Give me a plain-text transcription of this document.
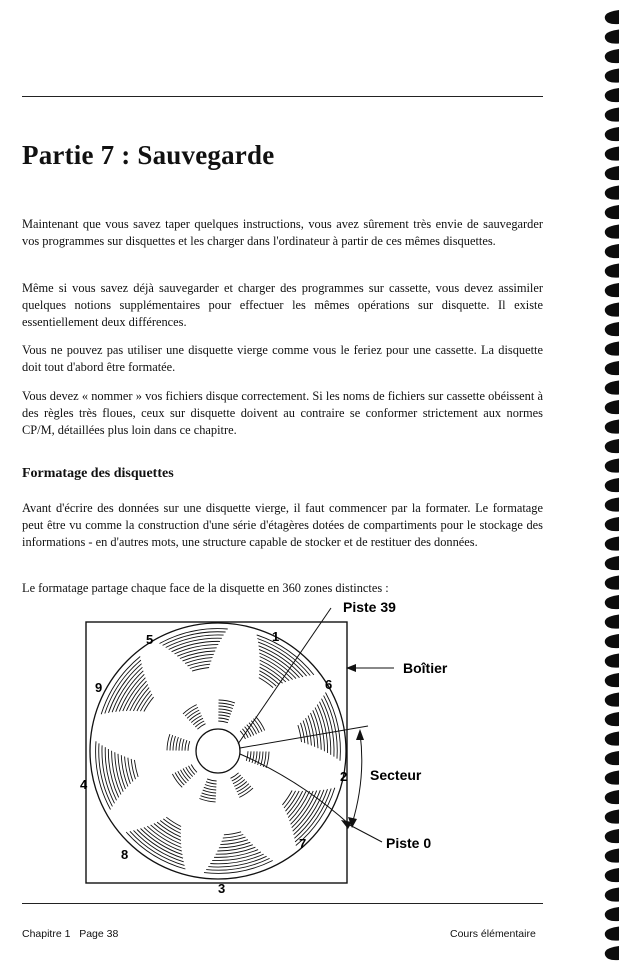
Partie 7 : Sauvegarde

Maintenant que vous savez taper quelques instructions, vous avez sûrement très envie de sauvegarder vos programmes sur disquettes et les charger dans l'ordinateur à partir de ces mêmes disquettes.

Même si vous savez déjà sauvegarder et charger des programmes sur cassette, vous devez assimiler quelques notions supplémentaires pour effectuer les mêmes opérations sur disquette. Il existe essentiellement deux différences.

Vous ne pouvez pas utiliser une disquette vierge comme vous le feriez pour une cassette. La disquette doit tout d'abord être formatée.

Vous devez « nommer » vos fichiers disque correctement. Si les noms de fichiers sur cassette obéissent à des règles très floues, ceux sur disquette doivent au contraire se conformer strictement aux normes CP/M, détaillées plus loin dans ce chapitre.

Formatage des disquettes

Avant d'écrire des données sur une disquette vierge, il faut commencer par la formater. Le formatage peut être vu comme la construction d'une série d'étagères dotées de compartiments pour le stockage des informations - en d'autres mots, une structure capable de stocker et de restituer des données.

Le formatage partage chaque face de la disquette en 360 zones distinctes :

1
2
3
4
5
6
7
8
9
Piste 39
Boîtier
Secteur
Piste 0
Chapitre 1   Page 38	Cours élémentaire
